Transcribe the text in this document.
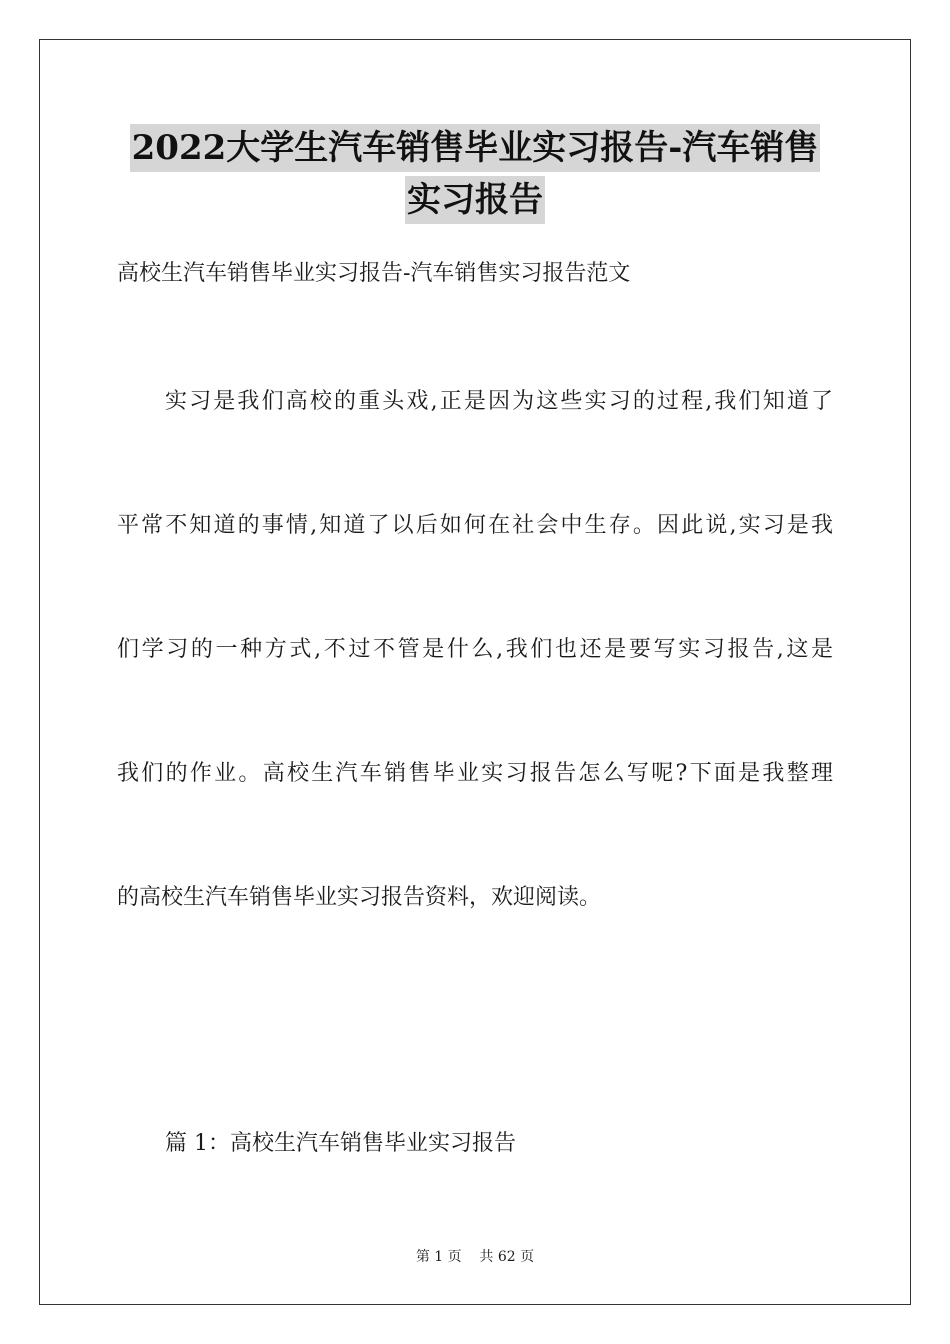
2022大学生汽车销售毕业实习报告-汽车销售
实习报告
高校生汽车销售毕业实习报告-汽车销售实习报告范文
实习是我们高校的重头戏,正是因为这些实习的过程,我们知道了
平常不知道的事情,知道了以后如何在社会中生存。因此说,实习是我
们学习的一种方式,不过不管是什么,我们也还是要写实习报告,这是
我们的作业。高校生汽车销售毕业实习报告怎么写呢?下面是我整理
的高校生汽车销售毕业实习报告资料，欢迎阅读。
篇 1：高校生汽车销售毕业实习报告
第 1 页    共 62 页
